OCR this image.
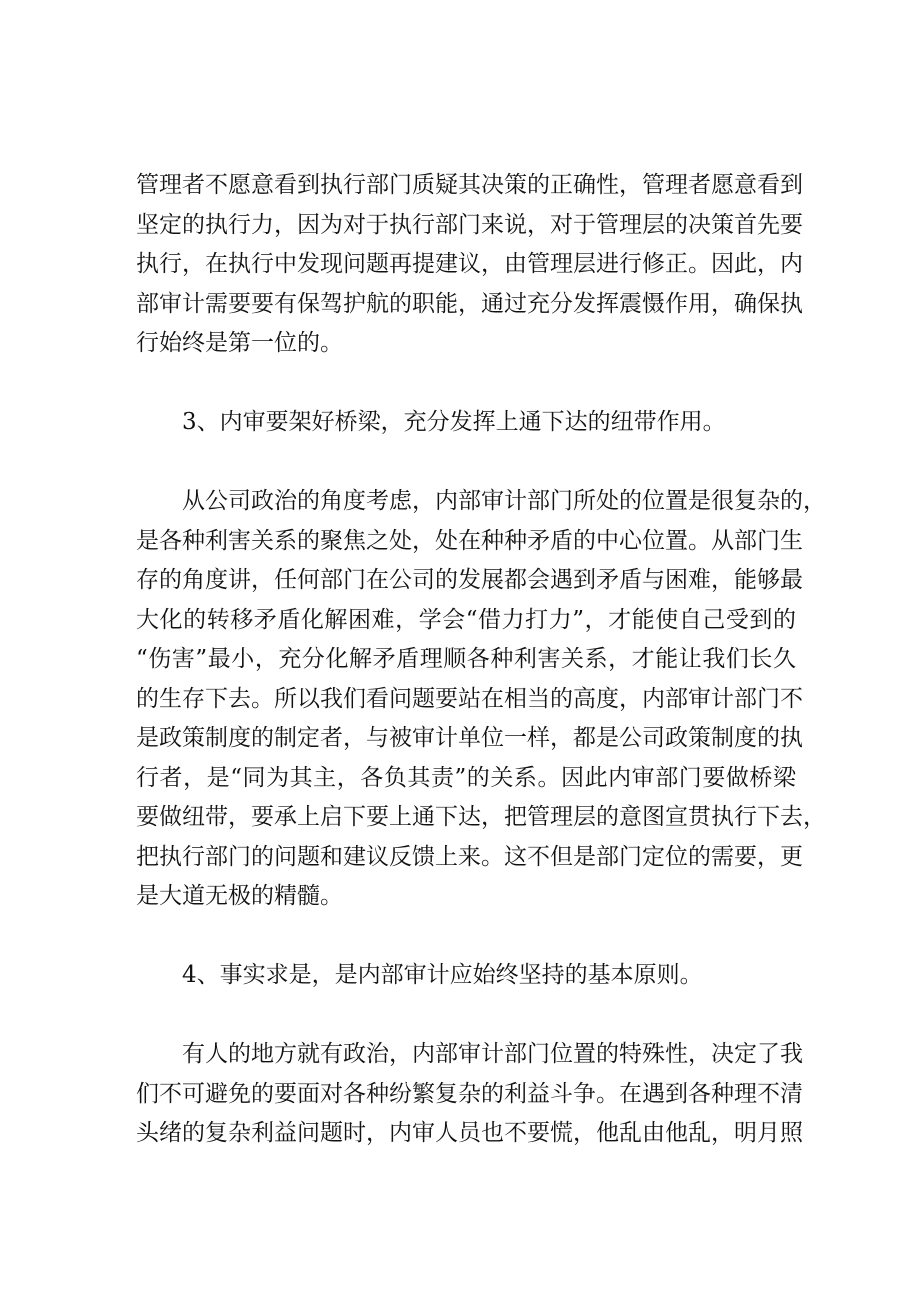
管理者不愿意看到执行部门质疑其决策的正确性，管理者愿意看到
坚定的执行力，因为对于执行部门来说，对于管理层的决策首先要
执行，在执行中发现问题再提建议，由管理层进行修正。因此，内
部审计需要要有保驾护航的职能，通过充分发挥震慑作用，确保执
行始终是第一位的。
3、内审要架好桥梁，充分发挥上通下达的纽带作用。
从公司政治的角度考虑，内部审计部门所处的位置是很复杂的，
是各种利害关系的聚焦之处，处在种种矛盾的中心位置。从部门生
存的角度讲，任何部门在公司的发展都会遇到矛盾与困难，能够最
大化的转移矛盾化解困难，学会“借力打力”，才能使自己受到的
“伤害”最小，充分化解矛盾理顺各种利害关系，才能让我们长久
的生存下去。所以我们看问题要站在相当的高度，内部审计部门不
是政策制度的制定者，与被审计单位一样，都是公司政策制度的执
行者，是“同为其主，各负其责”的关系。因此内审部门要做桥梁
要做纽带，要承上启下要上通下达，把管理层的意图宣贯执行下去，
把执行部门的问题和建议反馈上来。这不但是部门定位的需要，更
是大道无极的精髓。
4、事实求是，是内部审计应始终坚持的基本原则。
有人的地方就有政治，内部审计部门位置的特殊性，决定了我
们不可避免的要面对各种纷繁复杂的利益斗争。在遇到各种理不清
头绪的复杂利益问题时，内审人员也不要慌，他乱由他乱，明月照
